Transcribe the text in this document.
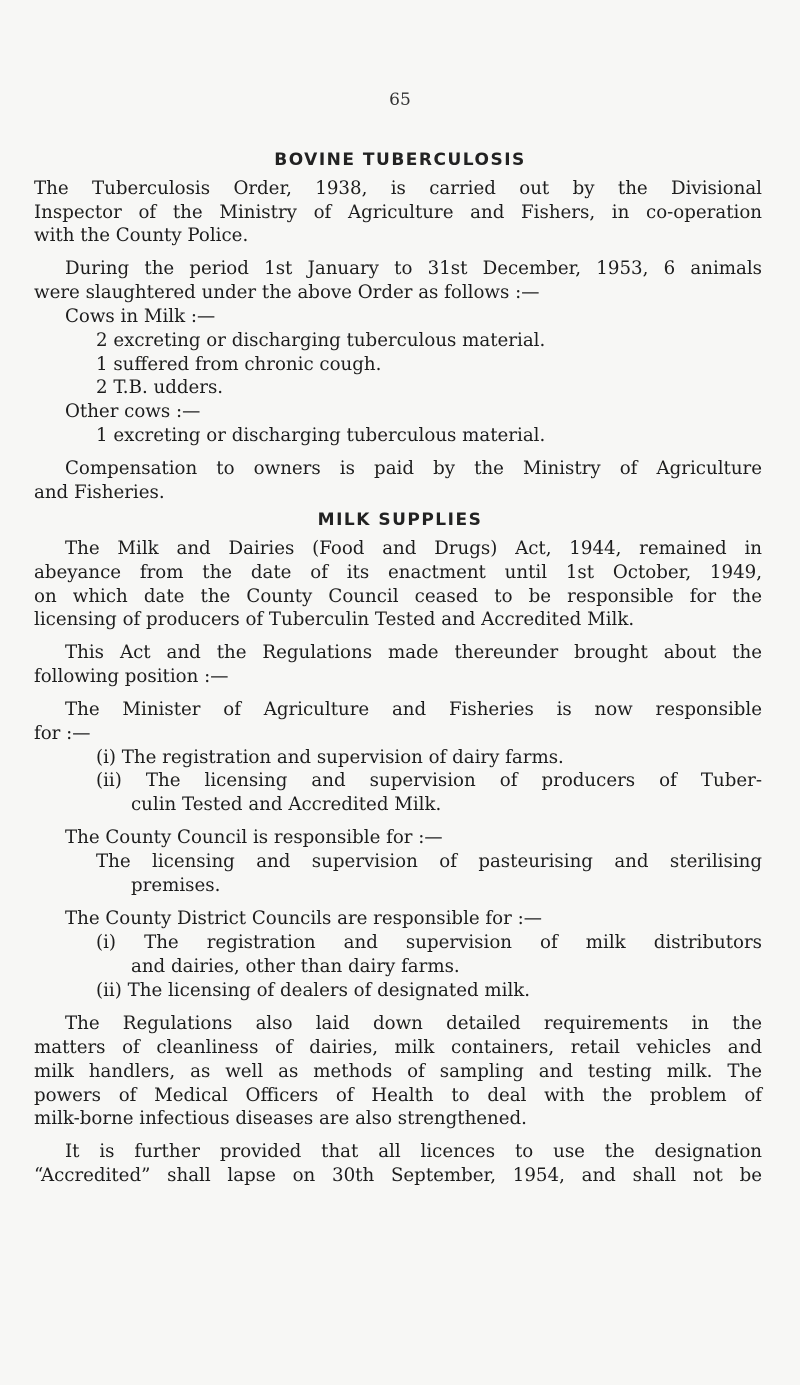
65
BOVINE TUBERCULOSIS
The Tuberculosis Order, 1938, is carried out by the Divisional
Inspector of the Ministry of Agriculture and Fishers, in co-operation
with the County Police.
During the period 1st January to 31st December, 1953, 6 animals
were slaughtered under the above Order as follows :—
Cows in Milk :—
2 excreting or discharging tuberculous material.
1 suffered from chronic cough.
2 T.B. udders.
Other cows :—
1 excreting or discharging tuberculous material.
Compensation to owners is paid by the Ministry of Agriculture
and Fisheries.
MILK SUPPLIES
The Milk and Dairies (Food and Drugs) Act, 1944, remained in
abeyance from the date of its enactment until 1st October, 1949,
on which date the County Council ceased to be responsible for the
licensing of producers of Tuberculin Tested and Accredited Milk.
This Act and the Regulations made thereunder brought about the
following position :—
The Minister of Agriculture and Fisheries is now responsible
for :—
(i) The registration and supervision of dairy farms.
(ii) The licensing and supervision of producers of Tuber-
culin Tested and Accredited Milk.
The County Council is responsible for :—
The licensing and supervision of pasteurising and sterilising
premises.
The County District Councils are responsible for :—
(i) The registration and supervision of milk distributors
and dairies, other than dairy farms.
(ii) The licensing of dealers of designated milk.
The Regulations also laid down detailed requirements in the
matters of cleanliness of dairies, milk containers, retail vehicles and
milk handlers, as well as methods of sampling and testing milk. The
powers of Medical Officers of Health to deal with the problem of
milk-borne infectious diseases are also strengthened.
It is further provided that all licences to use the designation
“Accredited” shall lapse on 30th September, 1954, and shall not be
